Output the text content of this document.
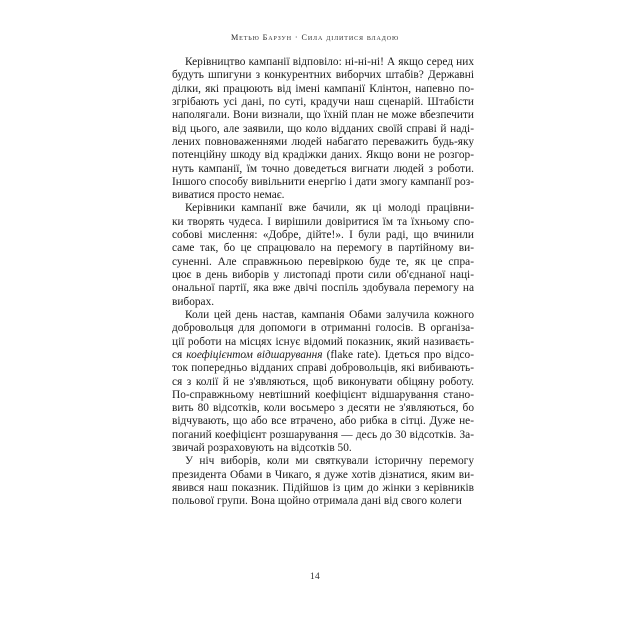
Метью Барзун · Сила ділитися владою

Керівництво кампанії відповіло: ні-ні-ні! А якщо серед них
будуть шпигуни з конкурентних виборчих штабів? Державні
ділки, які працюють від імені кампанії Клінтон, напевно по-
згрібають усі дані, по суті, крадучи наш сценарій. Штабісти
наполягали. Вони визнали, що їхній план не може вбезпечити
від цього, але заявили, що коло відданих своїй справі й наді-
лених повноваженнями людей набагато переважить будь-яку
потенційну шкоду від крадіжки даних. Якщо вони не розгор-
нуть кампанії, їм точно доведеться вигнати людей з роботи.
Іншого способу вивільнити енергію і дати змогу кампанії роз-
виватися просто немає.

Керівники кампанії вже бачили, як ці молоді працівни-
ки творять чудеса. І вирішили довіритися їм та їхньому спо-
собові мислення: «Добре, дійте!». І були раді, що вчинили
саме так, бо це спрацювало на перемогу в партійному ви-
суненні. Але справжньою перевіркою буде те, як це спра-
цює в день виборів у листопаді проти сили об'єднаної наці-
ональної партії, яка вже двічі поспіль здобувала перемогу на
виборах.

Коли цей день настав, кампанія Обами залучила кожного
добровольця для допомоги в отриманні голосів. В організа-
ції роботи на місцях існує відомий показник, який називаєть-
ся коефіцієнтом відшарування (flake rate). Ідеться про відсо-
ток попередньо відданих справі добровольців, які вибивають-
ся з колії й не з'являються, щоб виконувати обіцяну роботу.
По-справжньому невтішний коефіцієнт відшарування стано-
вить 80 відсотків, коли восьмеро з десяти не з'являються, бо
відчувають, що або все втрачено, або рибка в сітці. Дуже не-
поганий коефіцієнт розшарування — десь до 30 відсотків. За-
звичай розраховують на відсотків 50.

У ніч виборів, коли ми святкували історичну перемогу
президента Обами в Чикаго, я дуже хотів дізнатися, яким ви-
явився наш показник. Підійшов із цим до жінки з керівників
польової групи. Вона щойно отримала дані від свого колеги

14
